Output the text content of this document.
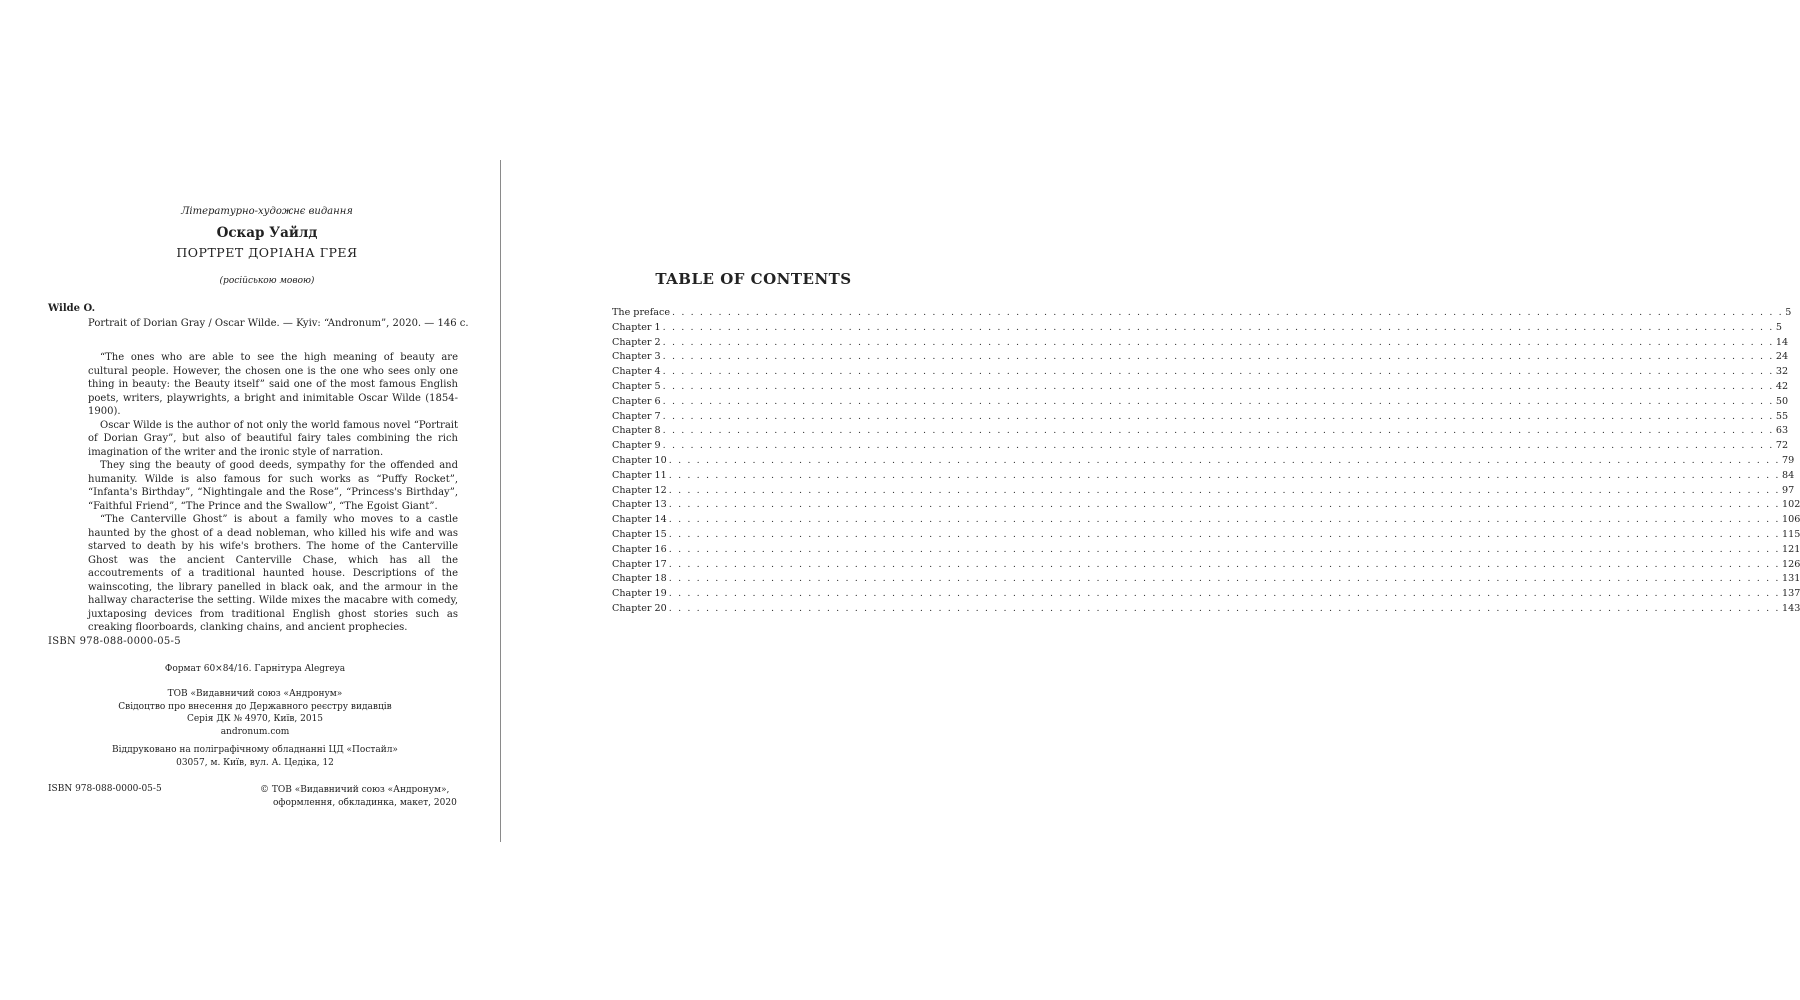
Літературно-художнє видання
Оскар Уайлд
ПОРТРЕТ ДОРІАНА ГРЕЯ
(російською мовою)
Wilde O.
Portrait of Dorian Gray / Oscar Wilde. — Kyiv: “Andronum”, 2020. — 146 c.

“The ones who are able to see the high meaning of beauty are cultural people. However, the chosen one is the one who sees only one thing in beauty: the Beauty itself” said one of the most famous English poets, writers, playwrights, a bright and inimitable Oscar Wilde (1854-1900).

Oscar Wilde is the author of not only the world famous novel “Portrait of Dorian Gray”, but also of beautiful fairy tales combining the rich imagination of the writer and the ironic style of narration.

They sing the beauty of good deeds, sympathy for the offended and humanity. Wilde is also famous for such works as “Puffy Rocket”, “Infanta's Birthday”, “Nightingale and the Rose”, “Princess's Birthday”, “Faithful Friend”, “The Prince and the Swallow”, “The Egoist Giant”.

“The Canterville Ghost” is about a family who moves to a castle haunted by the ghost of a dead nobleman, who killed his wife and was starved to death by his wife's brothers. The home of the Canterville Ghost was the ancient Canterville Chase, which has all the accoutrements of a traditional haunted house. Descriptions of the wainscoting, the library panelled in black oak, and the armour in the hallway characterise the setting. Wilde mixes the macabre with comedy, juxtaposing devices from traditional English ghost stories such as creaking floorboards, clanking chains, and ancient prophecies.

ISBN 978-088-0000-05-5
Формат 60×84/16. Гарнітура Alegreya
ТОВ «Видавничий союз «Андронум»
Свідоцтво про внесення до Державного реєстру видавців
Серія ДК № 4970, Київ, 2015
andronum.com
Віддруковано на поліграфічному обладнанні ЦД «Постайл»
03057, м. Київ, вул. А. Цедіка, 12
ISBN 978-088-0000-05-5	© ТОВ «Видавничий союз «Андронум»,
оформлення, обкладинка, макет, 2020
TABLE OF CONTENTS
The preface . . . . . . . . . . . . . . . . . . . . . . . . . . . . . . . . . . . . . . . . . . . . . . . . . . . . . . . . . . . . . . . . . . . . . . . . . . . . . . . . . . . . . . . . . . . . . . . . . . . . . . . . . . . . . . . . . . . . . . . . 5
Chapter 1 . . . . . . . . . . . . . . . . . . . . . . . . . . . . . . . . . . . . . . . . . . . . . . . . . . . . . . . . . . . . . . . . . . . . . . . . . . . . . . . . . . . . . . . . . . . . . . . . . . . . . . . . . . . . . . . . . . . . . . . . 5
Chapter 2 . . . . . . . . . . . . . . . . . . . . . . . . . . . . . . . . . . . . . . . . . . . . . . . . . . . . . . . . . . . . . . . . . . . . . . . . . . . . . . . . . . . . . . . . . . . . . . . . . . . . . . . . . . . . . . . . . . . . . . . . 14
Chapter 3 . . . . . . . . . . . . . . . . . . . . . . . . . . . . . . . . . . . . . . . . . . . . . . . . . . . . . . . . . . . . . . . . . . . . . . . . . . . . . . . . . . . . . . . . . . . . . . . . . . . . . . . . . . . . . . . . . . . . . . . . 24
Chapter 4 . . . . . . . . . . . . . . . . . . . . . . . . . . . . . . . . . . . . . . . . . . . . . . . . . . . . . . . . . . . . . . . . . . . . . . . . . . . . . . . . . . . . . . . . . . . . . . . . . . . . . . . . . . . . . . . . . . . . . . . . 32
Chapter 5 . . . . . . . . . . . . . . . . . . . . . . . . . . . . . . . . . . . . . . . . . . . . . . . . . . . . . . . . . . . . . . . . . . . . . . . . . . . . . . . . . . . . . . . . . . . . . . . . . . . . . . . . . . . . . . . . . . . . . . . . 42
Chapter 6 . . . . . . . . . . . . . . . . . . . . . . . . . . . . . . . . . . . . . . . . . . . . . . . . . . . . . . . . . . . . . . . . . . . . . . . . . . . . . . . . . . . . . . . . . . . . . . . . . . . . . . . . . . . . . . . . . . . . . . . . 50
Chapter 7 . . . . . . . . . . . . . . . . . . . . . . . . . . . . . . . . . . . . . . . . . . . . . . . . . . . . . . . . . . . . . . . . . . . . . . . . . . . . . . . . . . . . . . . . . . . . . . . . . . . . . . . . . . . . . . . . . . . . . . . . 55
Chapter 8 . . . . . . . . . . . . . . . . . . . . . . . . . . . . . . . . . . . . . . . . . . . . . . . . . . . . . . . . . . . . . . . . . . . . . . . . . . . . . . . . . . . . . . . . . . . . . . . . . . . . . . . . . . . . . . . . . . . . . . . . 63
Chapter 9 . . . . . . . . . . . . . . . . . . . . . . . . . . . . . . . . . . . . . . . . . . . . . . . . . . . . . . . . . . . . . . . . . . . . . . . . . . . . . . . . . . . . . . . . . . . . . . . . . . . . . . . . . . . . . . . . . . . . . . . . 72
Chapter 10 . . . . . . . . . . . . . . . . . . . . . . . . . . . . . . . . . . . . . . . . . . . . . . . . . . . . . . . . . . . . . . . . . . . . . . . . . . . . . . . . . . . . . . . . . . . . . . . . . . . . . . . . . . . . . . . . . . . . . . . . 79
Chapter 11 . . . . . . . . . . . . . . . . . . . . . . . . . . . . . . . . . . . . . . . . . . . . . . . . . . . . . . . . . . . . . . . . . . . . . . . . . . . . . . . . . . . . . . . . . . . . . . . . . . . . . . . . . . . . . . . . . . . . . . . . 84
Chapter 12 . . . . . . . . . . . . . . . . . . . . . . . . . . . . . . . . . . . . . . . . . . . . . . . . . . . . . . . . . . . . . . . . . . . . . . . . . . . . . . . . . . . . . . . . . . . . . . . . . . . . . . . . . . . . . . . . . . . . . . . . 97
Chapter 13 . . . . . . . . . . . . . . . . . . . . . . . . . . . . . . . . . . . . . . . . . . . . . . . . . . . . . . . . . . . . . . . . . . . . . . . . . . . . . . . . . . . . . . . . . . . . . . . . . . . . . . . . . . . . . . . . . . . . . . . . 102
Chapter 14 . . . . . . . . . . . . . . . . . . . . . . . . . . . . . . . . . . . . . . . . . . . . . . . . . . . . . . . . . . . . . . . . . . . . . . . . . . . . . . . . . . . . . . . . . . . . . . . . . . . . . . . . . . . . . . . . . . . . . . . . 106
Chapter 15 . . . . . . . . . . . . . . . . . . . . . . . . . . . . . . . . . . . . . . . . . . . . . . . . . . . . . . . . . . . . . . . . . . . . . . . . . . . . . . . . . . . . . . . . . . . . . . . . . . . . . . . . . . . . . . . . . . . . . . . . 115
Chapter 16 . . . . . . . . . . . . . . . . . . . . . . . . . . . . . . . . . . . . . . . . . . . . . . . . . . . . . . . . . . . . . . . . . . . . . . . . . . . . . . . . . . . . . . . . . . . . . . . . . . . . . . . . . . . . . . . . . . . . . . . . 121
Chapter 17 . . . . . . . . . . . . . . . . . . . . . . . . . . . . . . . . . . . . . . . . . . . . . . . . . . . . . . . . . . . . . . . . . . . . . . . . . . . . . . . . . . . . . . . . . . . . . . . . . . . . . . . . . . . . . . . . . . . . . . . . 126
Chapter 18 . . . . . . . . . . . . . . . . . . . . . . . . . . . . . . . . . . . . . . . . . . . . . . . . . . . . . . . . . . . . . . . . . . . . . . . . . . . . . . . . . . . . . . . . . . . . . . . . . . . . . . . . . . . . . . . . . . . . . . . . 131
Chapter 19 . . . . . . . . . . . . . . . . . . . . . . . . . . . . . . . . . . . . . . . . . . . . . . . . . . . . . . . . . . . . . . . . . . . . . . . . . . . . . . . . . . . . . . . . . . . . . . . . . . . . . . . . . . . . . . . . . . . . . . . . 137
Chapter 20 . . . . . . . . . . . . . . . . . . . . . . . . . . . . . . . . . . . . . . . . . . . . . . . . . . . . . . . . . . . . . . . . . . . . . . . . . . . . . . . . . . . . . . . . . . . . . . . . . . . . . . . . . . . . . . . . . . . . . . . . 143
